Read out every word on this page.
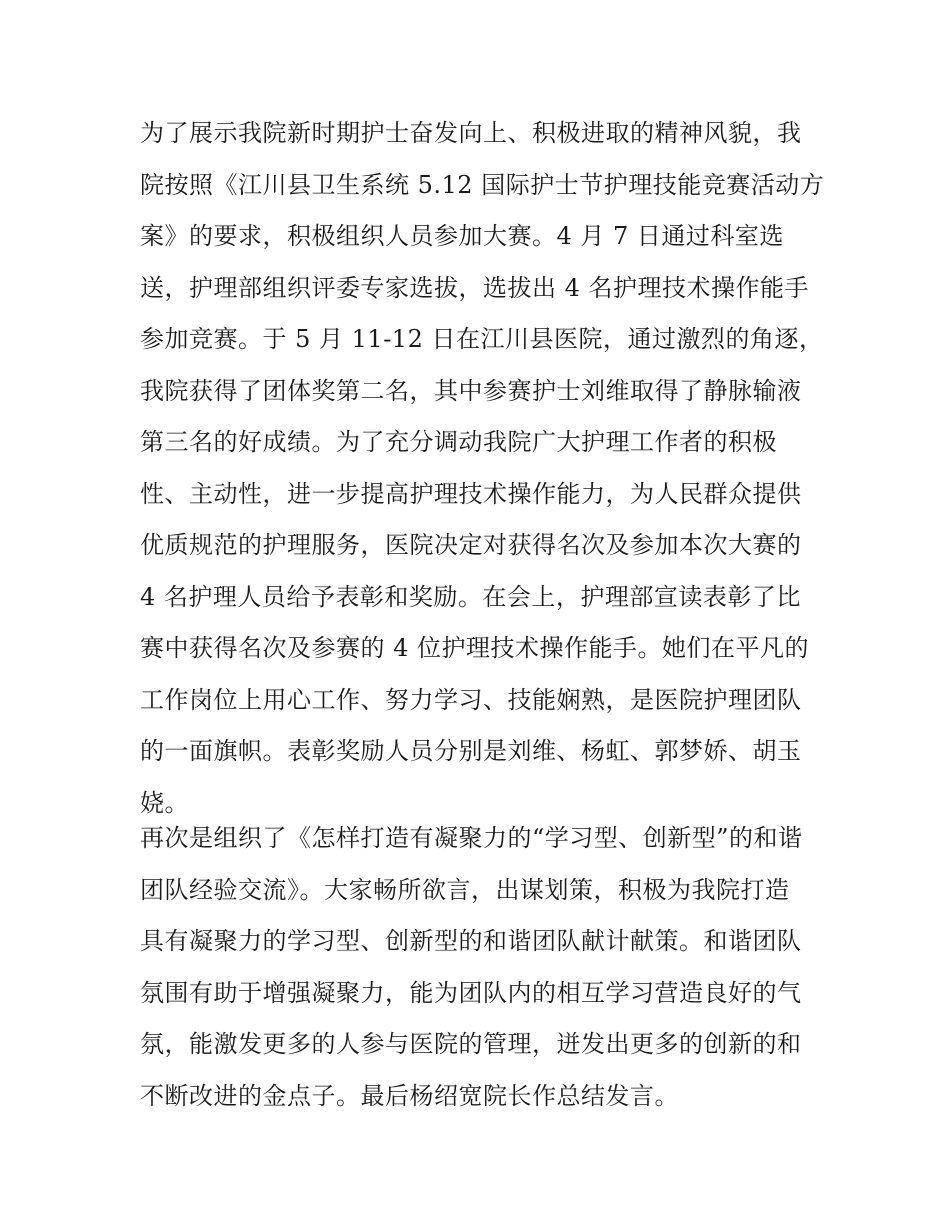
为了展示我院新时期护士奋发向上、积极进取的精神风貌，我
院按照《江川县卫生系统 5.12 国际护士节护理技能竞赛活动方
案》的要求，积极组织人员参加大赛。4 月 7 日通过科室选
送，护理部组织评委专家选拔，选拔出 4 名护理技术操作能手
参加竞赛。于 5 月 11-12 日在江川县医院，通过激烈的角逐，
我院获得了团体奖第二名，其中参赛护士刘维取得了静脉输液
第三名的好成绩。为了充分调动我院广大护理工作者的积极
性、主动性，进一步提高护理技术操作能力，为人民群众提供
优质规范的护理服务，医院决定对获得名次及参加本次大赛的
4 名护理人员给予表彰和奖励。在会上，护理部宣读表彰了比
赛中获得名次及参赛的 4 位护理技术操作能手。她们在平凡的
工作岗位上用心工作、努力学习、技能娴熟，是医院护理团队
的一面旗帜。表彰奖励人员分别是刘维、杨虹、郭梦娇、胡玉
娆。
再次是组织了《怎样打造有凝聚力的“学习型、创新型”的和谐
团队经验交流》。大家畅所欲言，出谋划策，积极为我院打造
具有凝聚力的学习型、创新型的和谐团队献计献策。和谐团队
氛围有助于增强凝聚力，能为团队内的相互学习营造良好的气
氛，能激发更多的人参与医院的管理，迸发出更多的创新的和
不断改进的金点子。最后杨绍宽院长作总结发言。
